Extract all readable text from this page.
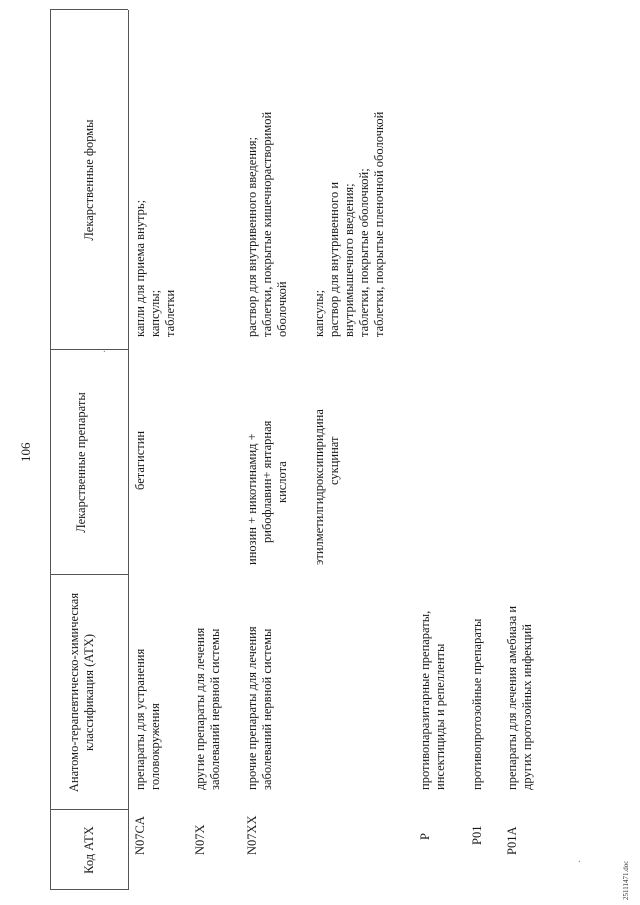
106
Код АТХ
Анатомо-терапевтическо-химическая классификация (АТХ)
Лекарственные препараты
Лекарственные формы
·
N07CA
препараты для устранения головокружения
бетагистин
капли для приема внутрь; капсулы; таблетки
N07X
другие препараты для лечения заболеваний нервной системы
N07XX
прочие препараты для лечения заболеваний нервной системы
инозин + никотинамид + рибофлавин+ янтарная кислота
раствор для внутривенного введения; таблетки, покрытые кишечнорастворимой оболочкой
этилметилгидроксипиридина сукцинат
капсулы; раствор для внутривенного и внутримышечного введения; таблетки, покрытые оболочкой; таблетки, покрытые пленочной оболочкой
P
противопаразитарные препараты, инсектициды и репелленты
P01
противопротозойные препараты
P01A
препараты для лечения амебиаза и других протозойных инфекций
25111471.doc
·
